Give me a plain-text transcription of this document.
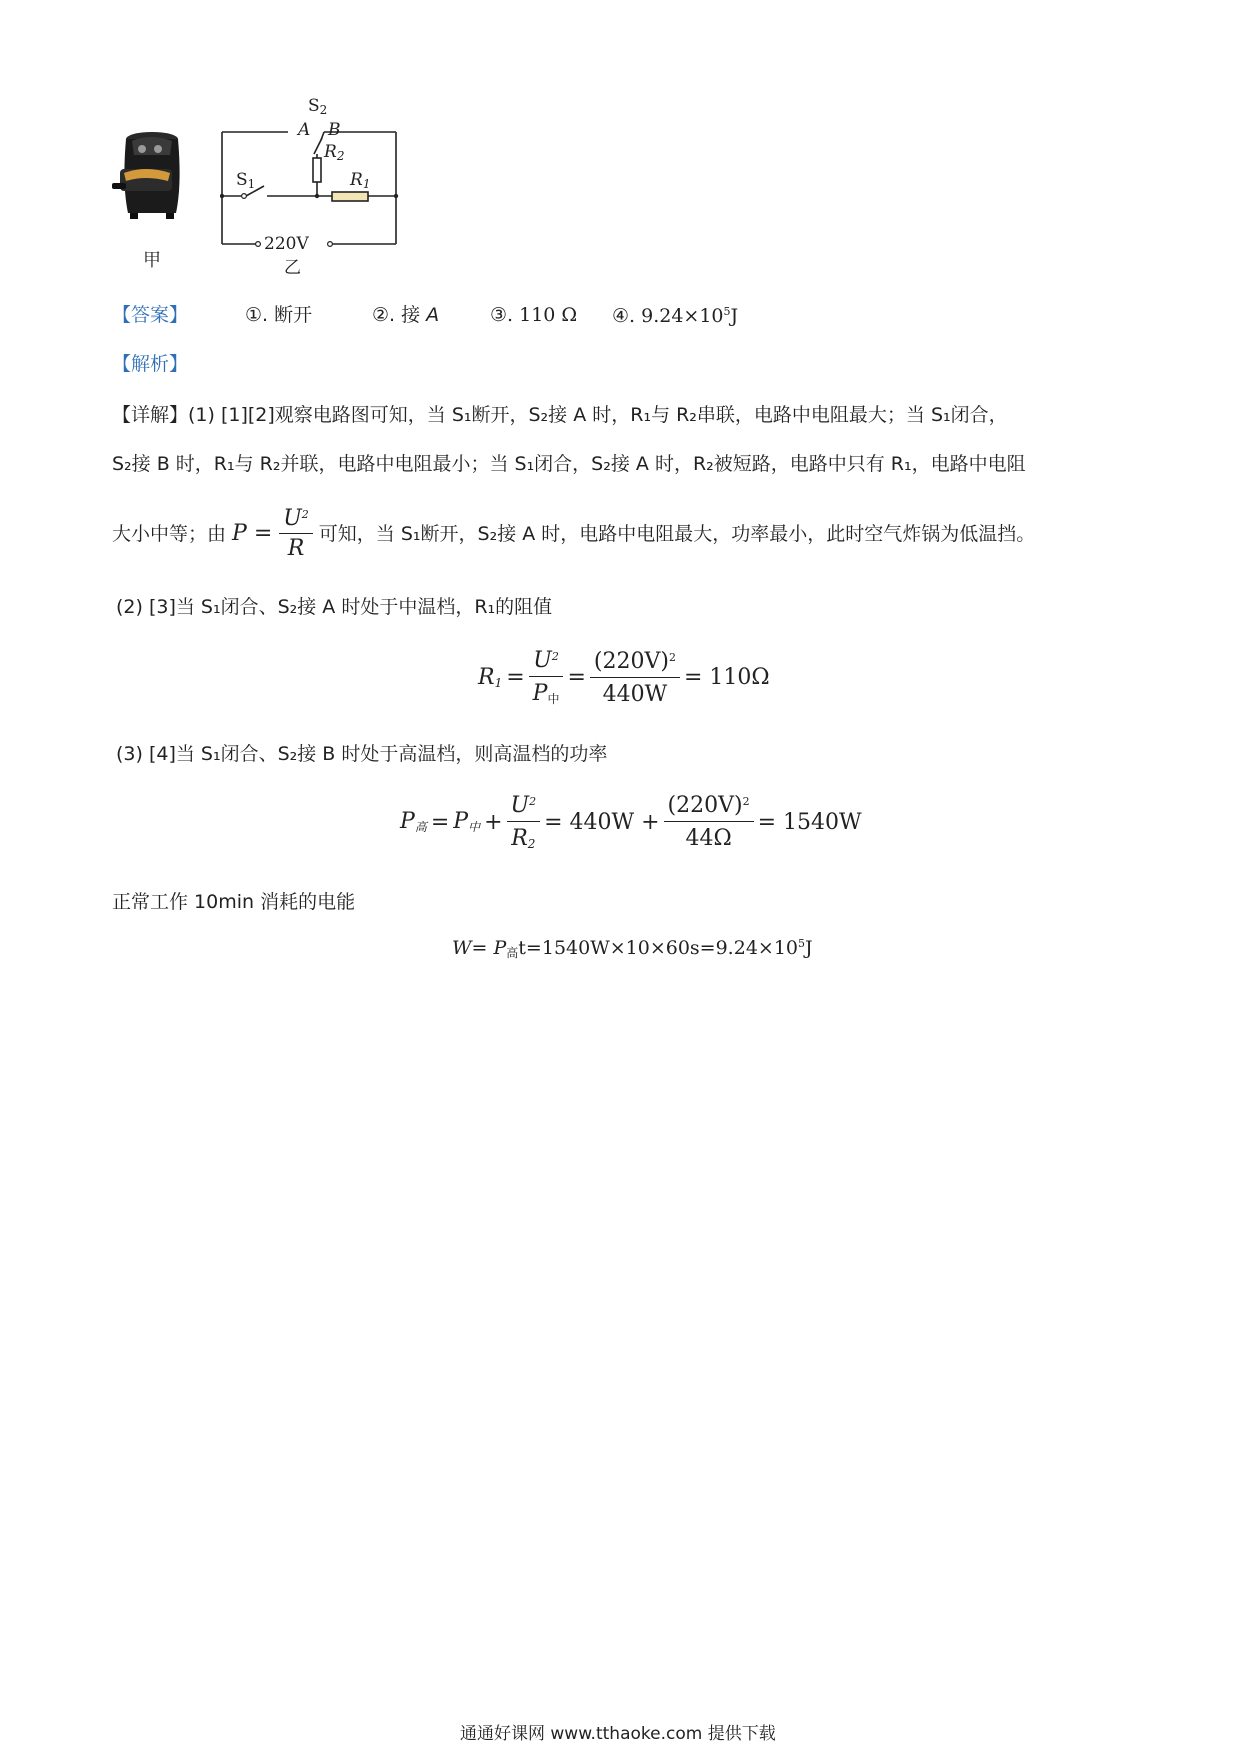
甲
$S_2$
A B
$R_2$
$S_1$	$R_1$
220V
乙
【答案】	①. 断开	②. 接 A	③. 110 Ω ④. $9.24\times 10^5J$
【解析】
【详解】(1) [1][2]观察电路图可知，当 S₁断开，S₂接 A 时，R₁与 R₂串联，电路中电阻最大；当 S₁闭合，
S₂接 B 时，R₁与 R₂并联，电路中电阻最小；当 S₁闭合，S₂接 A 时，R₂被短路，电路中只有 R₁，电路中电阻
大小中等；由 $P = \frac{U^2}{R}$ 可知，当 S₁断开，S₂接 A 时，电路中电阻最大，功率最小，此时空气炸锅为低温挡。
(2) [3]当 S₁闭合、S₂接 A 时处于中温档，R₁的阻值
$R_1 = \frac{U^2}{P_中} = \frac{(220V)^2}{440W} = 110\Omega$
(3) [4]当 S₁闭合、S₂接 B 时处于高温档，则高温档的功率
$P_高 = P_中 + \frac{U^2}{R_2} = 440W + \frac{(220V)^2}{44\Omega} = 1540W$
正常工作 10min 消耗的电能
$W= P_高t=1540W\times 10\times 60s=9.24\times 10^5J$
通通好课网 www.tthaoke.com 提供下载
